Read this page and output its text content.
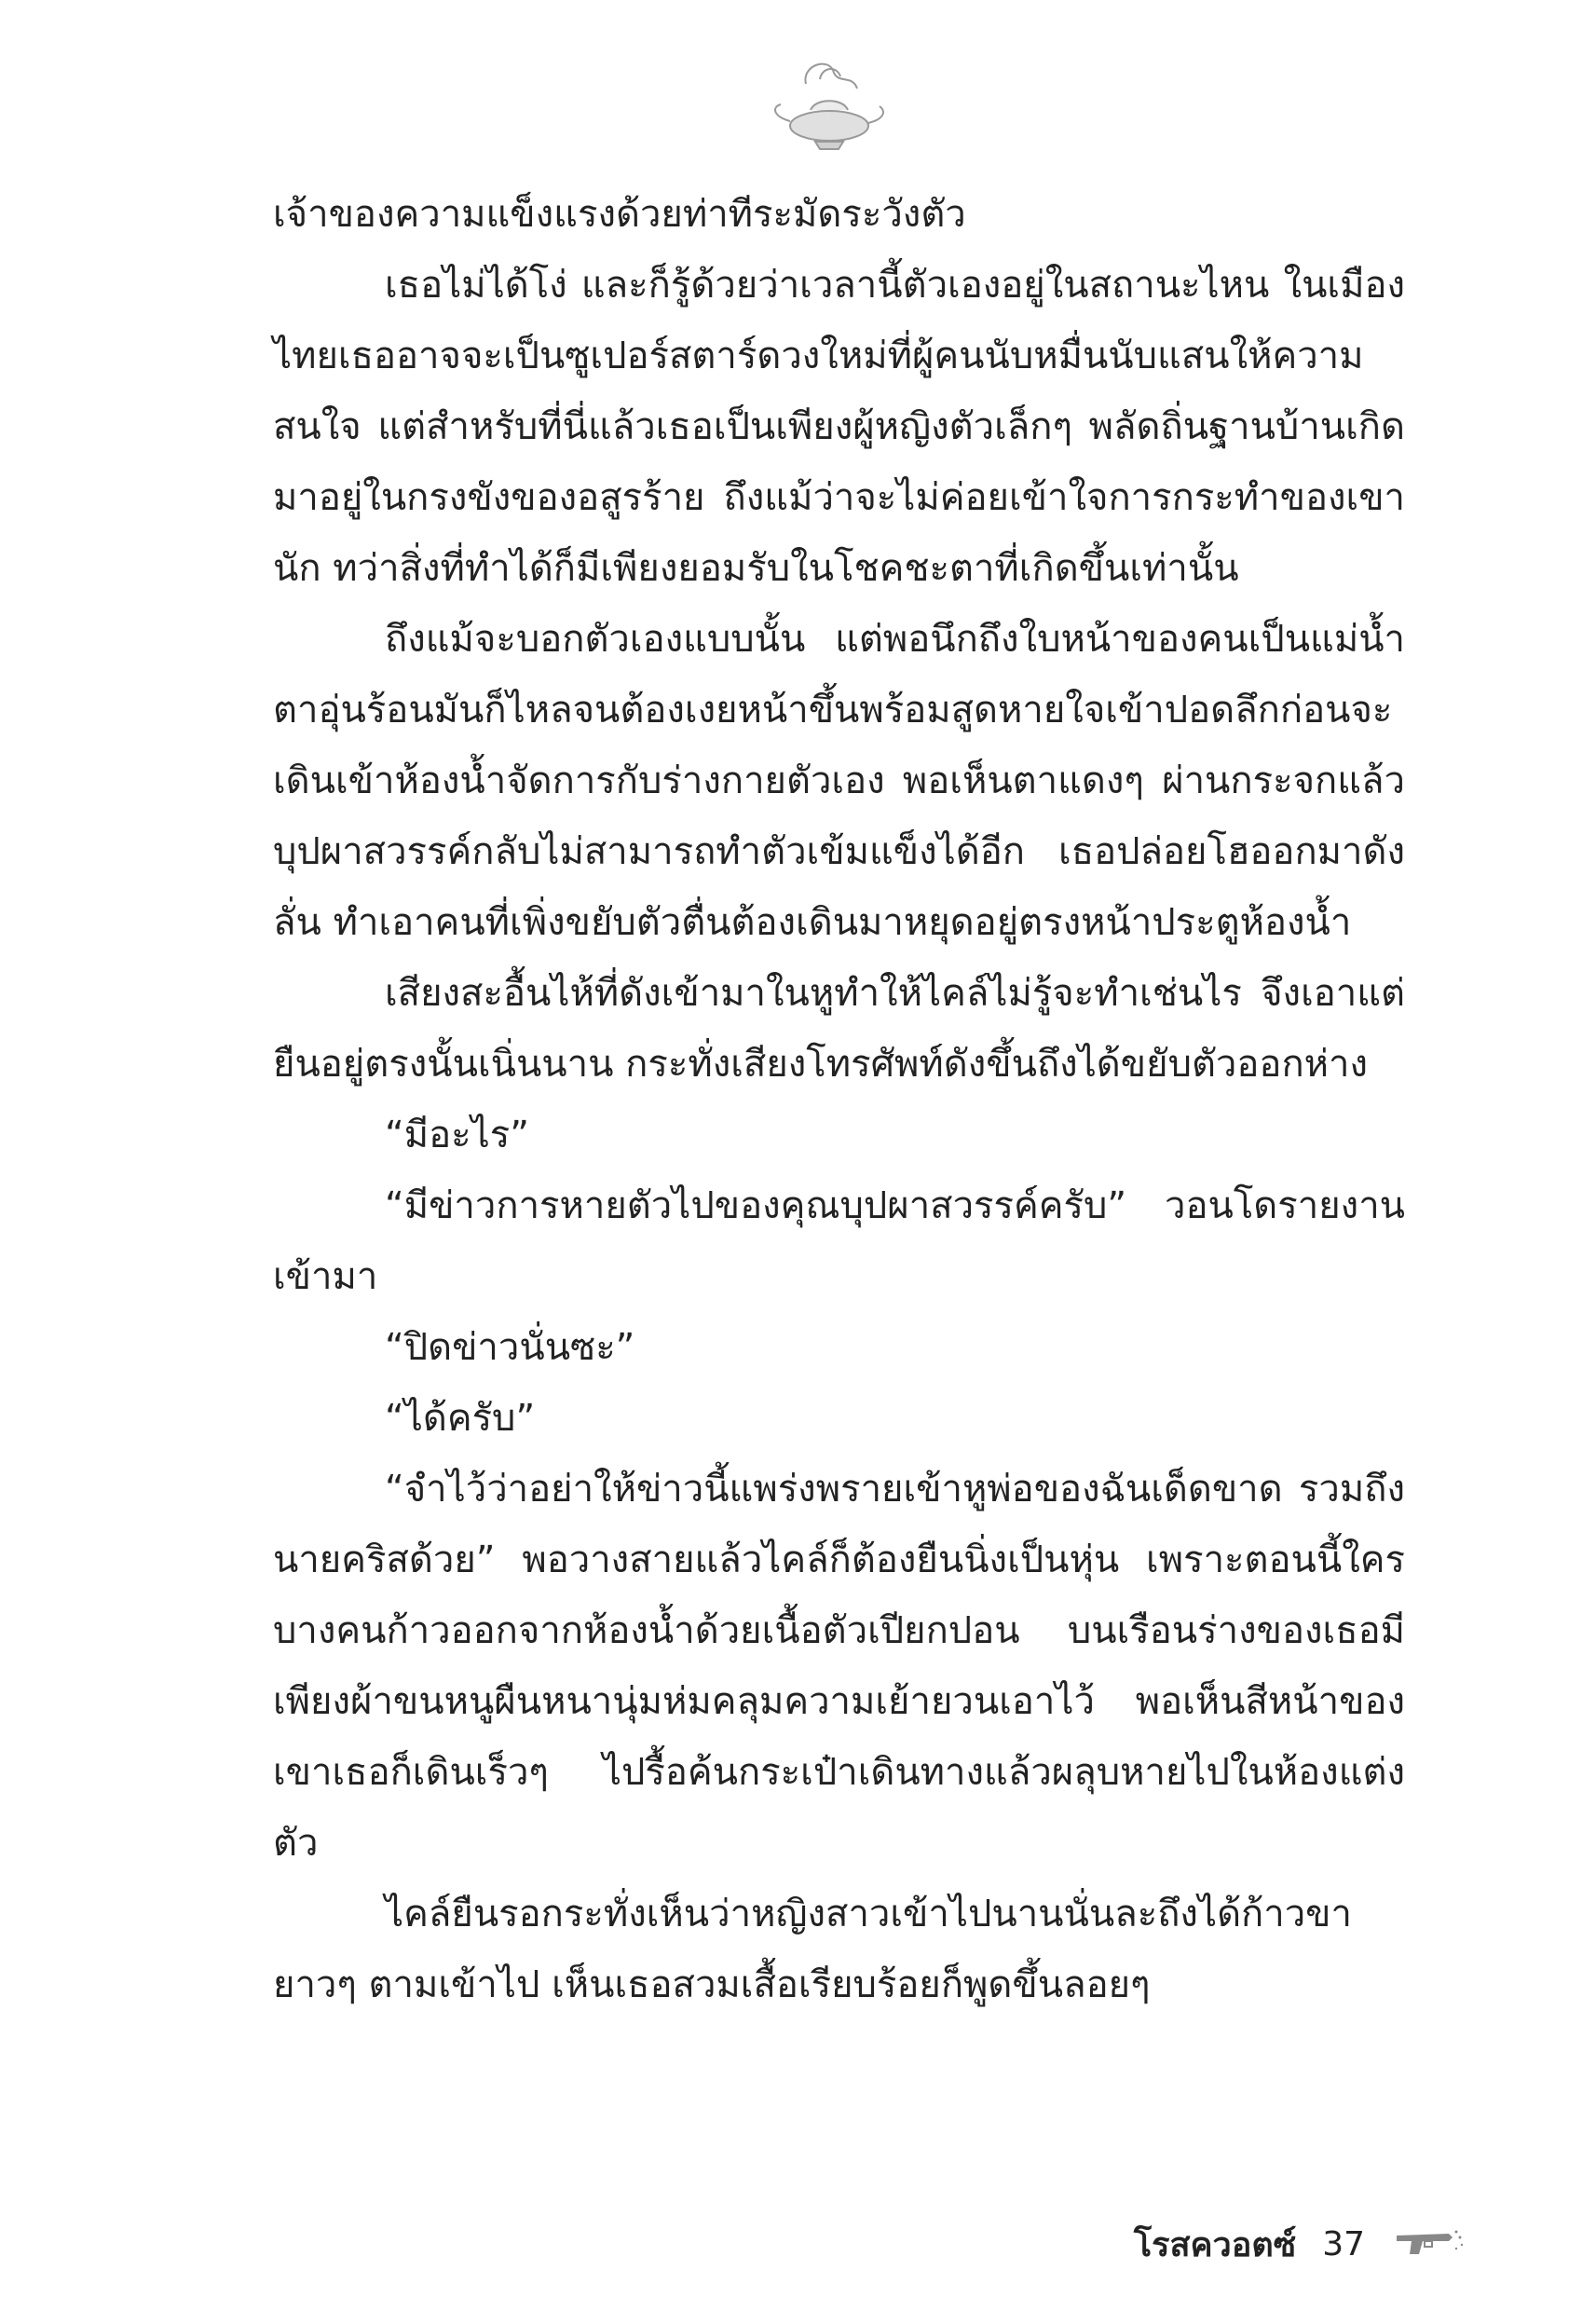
เจ้าของความแข็งแรงด้วยท่าทีระมัดระวังตัว

เธอไม่ได้โง่ และก็รู้ด้วยว่าเวลานี้ตัวเองอยู่ในสถานะไหน ในเมืองไทยเธออาจจะเป็นซูเปอร์สตาร์ดวงใหม่ที่ผู้คนนับหมื่นนับแสนให้ความสนใจ แต่สำหรับที่นี่แล้วเธอเป็นเพียงผู้หญิงตัวเล็กๆ พลัดถิ่นฐานบ้านเกิดมาอยู่ในกรงขังของอสูรร้าย ถึงแม้ว่าจะไม่ค่อยเข้าใจการกระทำของเขานัก ทว่าสิ่งที่ทำได้ก็มีเพียงยอมรับในโชคชะตาที่เกิดขึ้นเท่านั้น

ถึงแม้จะบอกตัวเองแบบนั้น แต่พอนึกถึงใบหน้าของคนเป็นแม่น้ำตาอุ่นร้อนมันก็ไหลจนต้องเงยหน้าขึ้นพร้อมสูดหายใจเข้าปอดลึกก่อนจะเดินเข้าห้องน้ำจัดการกับร่างกายตัวเอง พอเห็นตาแดงๆ ผ่านกระจกแล้วบุปผาสวรรค์กลับไม่สามารถทำตัวเข้มแข็งได้อีก เธอปล่อยโฮออกมาดังลั่น ทำเอาคนที่เพิ่งขยับตัวตื่นต้องเดินมาหยุดอยู่ตรงหน้าประตูห้องน้ำ

เสียงสะอื้นไห้ที่ดังเข้ามาในหูทำให้ไคล์ไม่รู้จะทำเช่นไร จึงเอาแต่ยืนอยู่ตรงนั้นเนิ่นนาน กระทั่งเสียงโทรศัพท์ดังขึ้นถึงได้ขยับตัวออกห่าง

“มีอะไร”

“มีข่าวการหายตัวไปของคุณบุปผาสวรรค์ครับ” วอนโดรายงานเข้ามา

“ปิดข่าวนั่นซะ”

“ได้ครับ”

“จำไว้ว่าอย่าให้ข่าวนี้แพร่งพรายเข้าหูพ่อของฉันเด็ดขาด รวมถึงนายคริสด้วย” พอวางสายแล้วไคล์ก็ต้องยืนนิ่งเป็นหุ่น เพราะตอนนี้ใครบางคนก้าวออกจากห้องน้ำด้วยเนื้อตัวเปียกปอน บนเรือนร่างของเธอมีเพียงผ้าขนหนูผืนหนานุ่มห่มคลุมความเย้ายวนเอาไว้ พอเห็นสีหน้าของเขาเธอก็เดินเร็วๆ ไปรื้อค้นกระเป๋าเดินทางแล้วผลุบหายไปในห้องแต่งตัว

ไคล์ยืนรอกระทั่งเห็นว่าหญิงสาวเข้าไปนานนั่นละถึงได้ก้าวขายาวๆ ตามเข้าไป เห็นเธอสวมเสื้อเรียบร้อยก็พูดขึ้นลอยๆ

โรสควอตซ์ 37
